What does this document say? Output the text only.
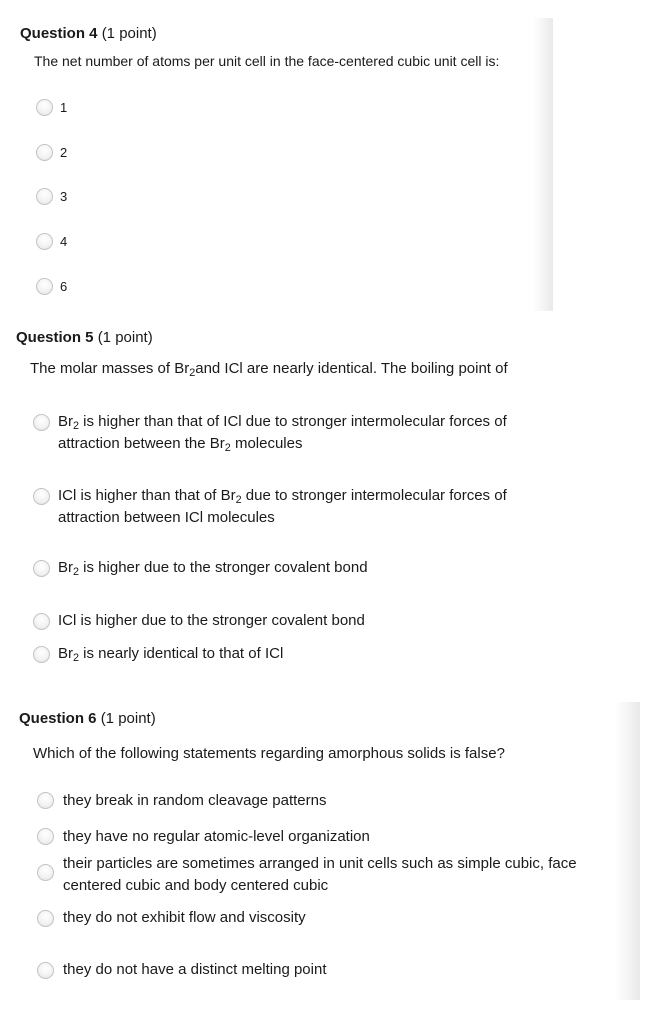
Question 4 (1 point)
The net number of atoms per unit cell in the face-centered cubic unit cell is:
1
2
3
4
6
Question 5 (1 point)
The molar masses of $Br_2and$ ICl are nearly identical. The boiling point of
$Br_2$ is higher than that of ICl due to stronger intermolecular forces of
attraction between the $Br_2$ molecules
ICl is higher than that of $Br_2$ due to stronger intermolecular forces of
attraction between ICl molecules
$Br_2$ is higher due to the stronger covalent bond
ICl is higher due to the stronger covalent bond
$Br_2$ is nearly identical to that of ICl
Question 6 (1 point)
Which of the following statements regarding amorphous solids is false?
they break in random cleavage patterns
they have no regular atomic-level organization
their particles are sometimes arranged in unit cells such as simple cubic, face
centered cubic and body centered cubic
they do not exhibit flow and viscosity
they do not have a distinct melting point
